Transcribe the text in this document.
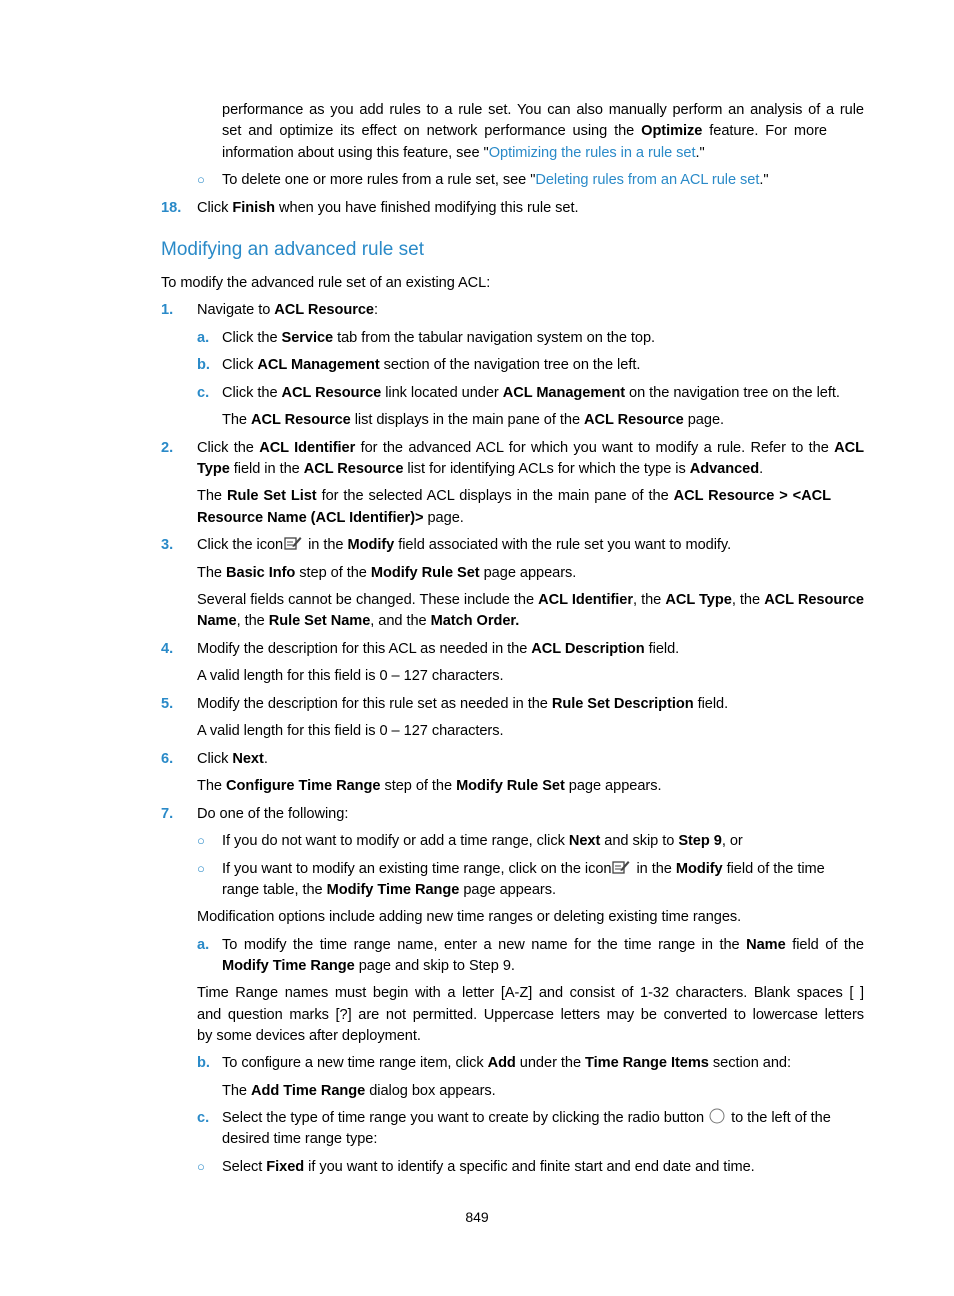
performance as you add rules to a rule set. You can also manually perform an analysis of a rule
set and optimize its effect on network performance using the Optimize feature. For more
information about using this feature, see "Optimizing the rules in a rule set."
○ To delete one or more rules from a rule set, see "Deleting rules from an ACL rule set."
18. Click Finish when you have finished modifying this rule set.
Modifying an advanced rule set
To modify the advanced rule set of an existing ACL:
1. Navigate to ACL Resource:
a. Click the Service tab from the tabular navigation system on the top.
b. Click ACL Management section of the navigation tree on the left.
c. Click the ACL Resource link located under ACL Management on the navigation tree on the left.
The ACL Resource list displays in the main pane of the ACL Resource page.
2. Click the ACL Identifier for the advanced ACL for which you want to modify a rule. Refer to the ACL
Type field in the ACL Resource list for identifying ACLs for which the type is Advanced.
The Rule Set List for the selected ACL displays in the main pane of the ACL Resource > <ACL
Resource Name (ACL Identifier)> page.
3. Click the icon in the Modify field associated with the rule set you want to modify.
The Basic Info step of the Modify Rule Set page appears.
Several fields cannot be changed. These include the ACL Identifier, the ACL Type, the ACL Resource
Name, the Rule Set Name, and the Match Order.
4. Modify the description for this ACL as needed in the ACL Description field.
A valid length for this field is 0 – 127 characters.
5. Modify the description for this rule set as needed in the Rule Set Description field.
A valid length for this field is 0 – 127 characters.
6. Click Next.
The Configure Time Range step of the Modify Rule Set page appears.
7. Do one of the following:
○ If you do not want to modify or add a time range, click Next and skip to Step 9, or
○ If you want to modify an existing time range, click on the icon in the Modify field of the time
range table, the Modify Time Range page appears.
Modification options include adding new time ranges or deleting existing time ranges.
a. To modify the time range name, enter a new name for the time range in the Name field of the
Modify Time Range page and skip to Step 9.
Time Range names must begin with a letter [A-Z] and consist of 1-32 characters. Blank spaces [ ]
and question marks [?] are not permitted. Uppercase letters may be converted to lowercase letters
by some devices after deployment.
b. To configure a new time range item, click Add under the Time Range Items section and:
The Add Time Range dialog box appears.
c. Select the type of time range you want to create by clicking the radio button  to the left of the
desired time range type:
○ Select Fixed if you want to identify a specific and finite start and end date and time.
849
